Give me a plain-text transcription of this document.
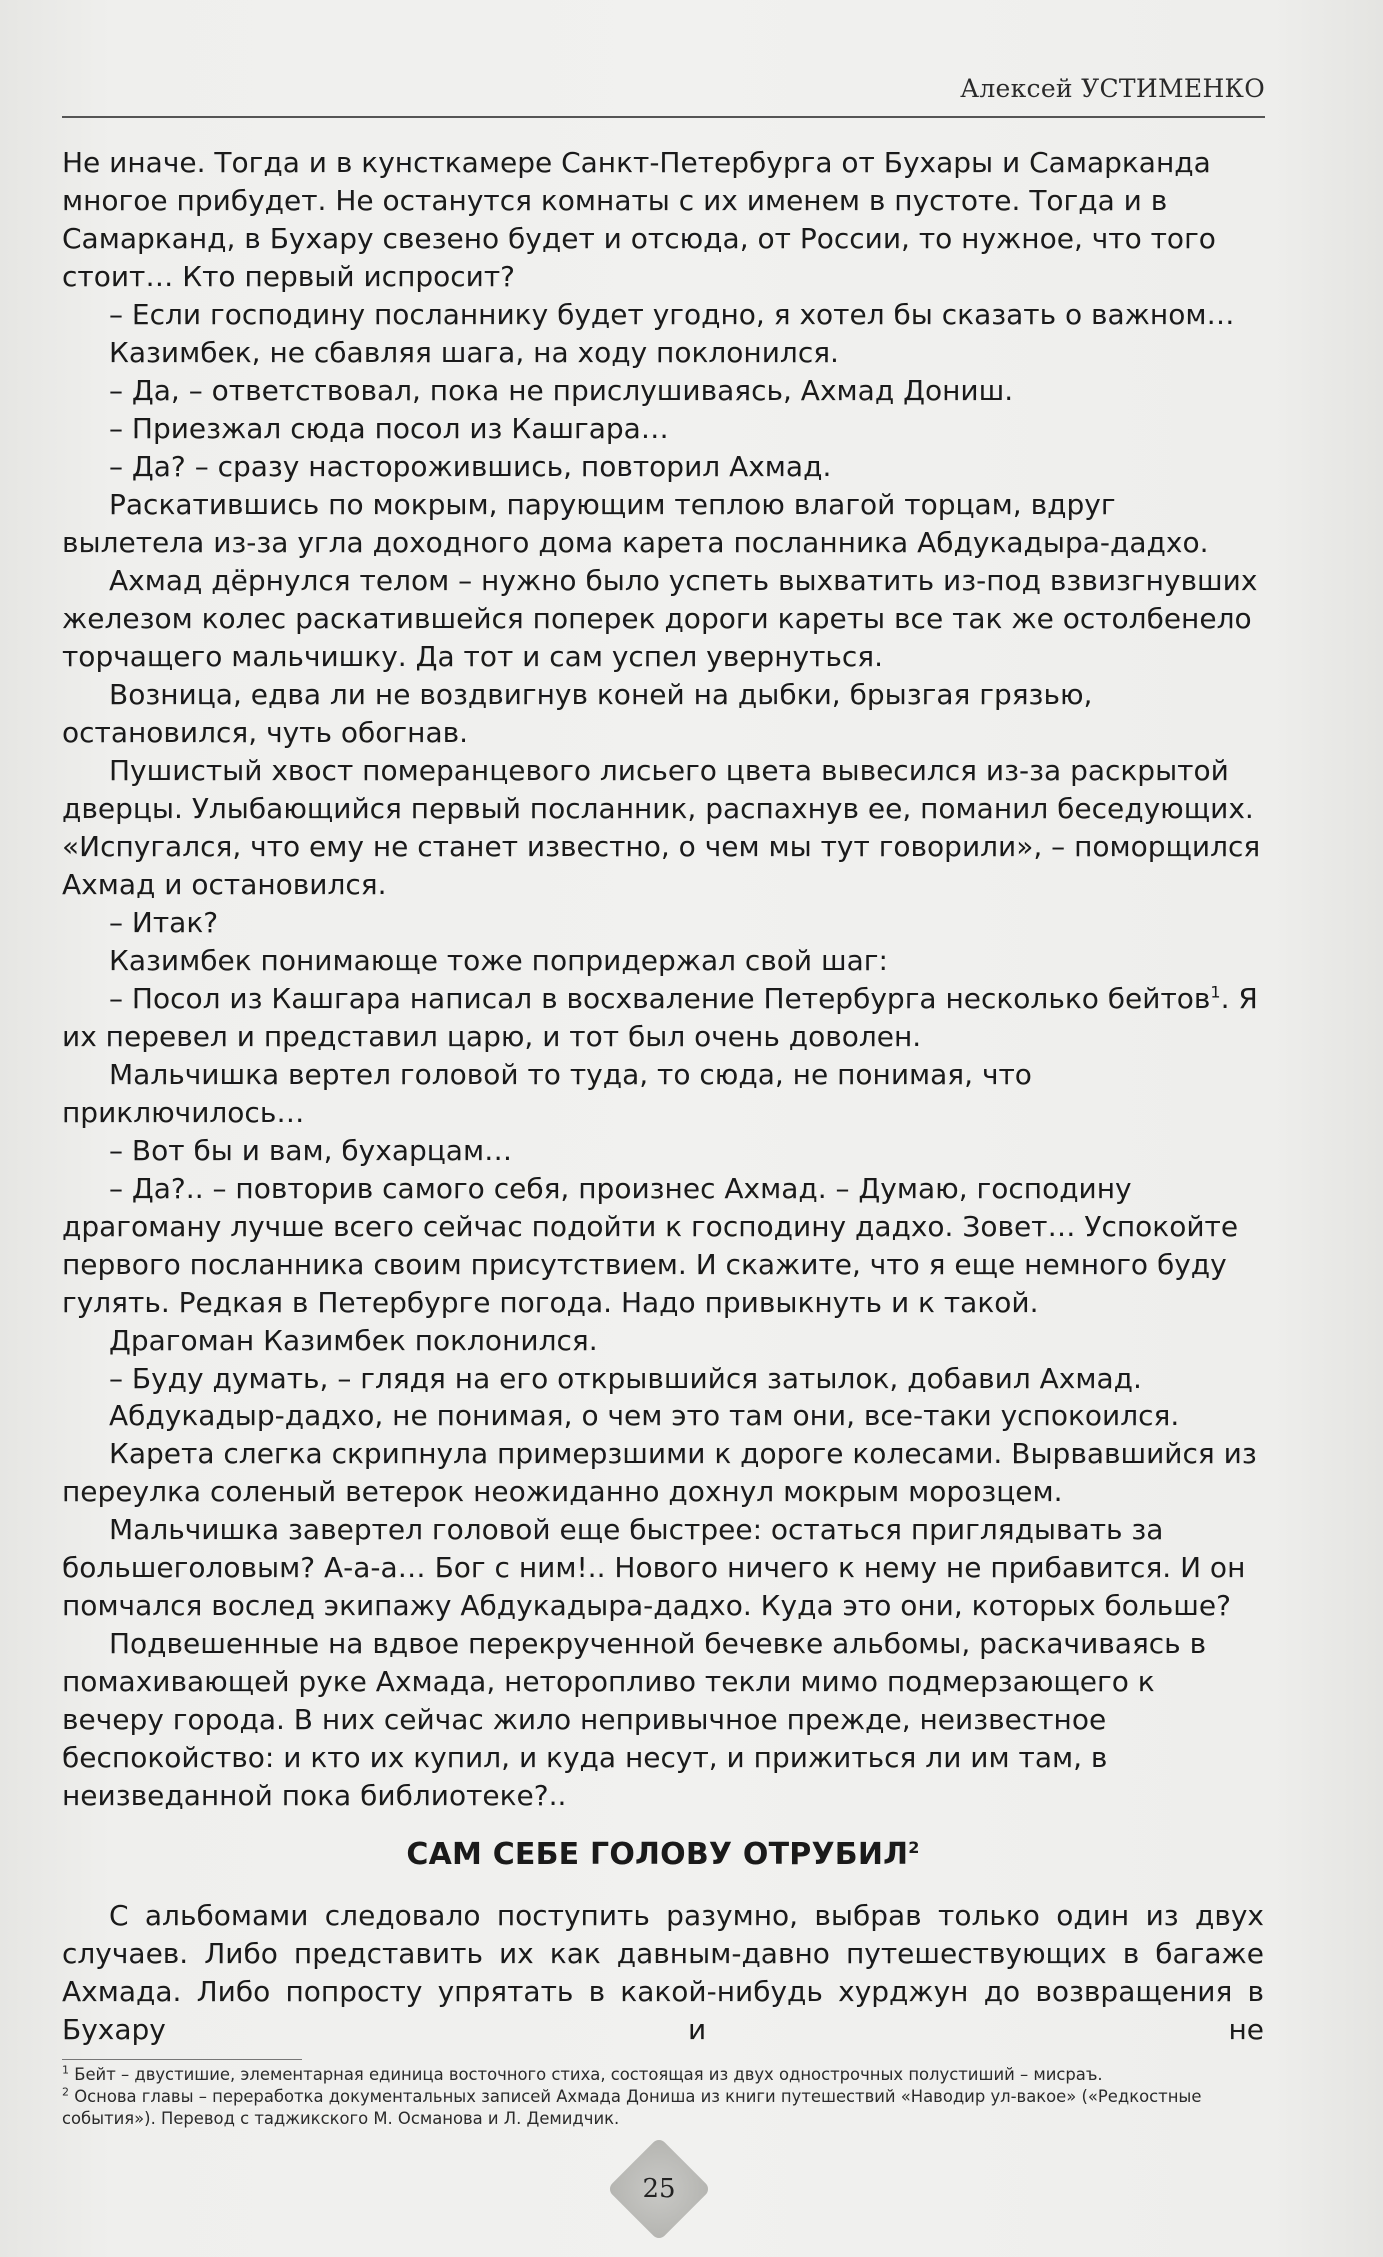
Алексей УСТИМЕНКО

Не иначе. Тогда и в кунсткамере Санкт-Петербурга от Бухары и Самарканда многое прибудет. Не останутся комнаты с их именем в пустоте. Тогда и в Самарканд, в Бухару свезено будет и отсюда, от России, то нужное, что того стоит… Кто первый испросит?

– Если господину посланнику будет угодно, я хотел бы сказать о важном…

Казимбек, не сбавляя шага, на ходу поклонился.

– Да, – ответствовал, пока не прислушиваясь, Ахмад Дониш.

– Приезжал сюда посол из Кашгара…

– Да? – сразу насторожившись, повторил Ахмад.

Раскатившись по мокрым, парующим теплою влагой торцам, вдруг вылетела из-за угла доходного дома карета посланника Абдукадыра-дадхо.

Ахмад дёрнулся телом – нужно было успеть выхватить из-под взвизгнувших железом колес раскатившейся поперек дороги кареты все так же остолбенело торчащего мальчишку. Да тот и сам успел увернуться.

Возница, едва ли не воздвигнув коней на дыбки, брызгая грязью, остановился, чуть обогнав.

Пушистый хвост померанцевого лисьего цвета вывесился из-за раскрытой дверцы. Улыбающийся первый посланник, распахнув ее, поманил беседующих. «Испугался, что ему не станет известно, о чем мы тут говорили», – поморщился Ахмад и остановился.

– Итак?

Казимбек понимающе тоже попридержал свой шаг:

– Посол из Кашгара написал в восхваление Петербурга несколько бейтов$^1$. Я их перевел и представил царю, и тот был очень доволен.

Мальчишка вертел головой то туда, то сюда, не понимая, что приключилось…

– Вот бы и вам, бухарцам…

– Да?.. – повторив самого себя, произнес Ахмад. – Думаю, господину драгоману лучше всего сейчас подойти к господину дадхо. Зовет… Успокойте первого посланника своим присутствием. И скажите, что я еще немного буду гулять. Редкая в Петербурге погода. Надо привыкнуть и к такой.

Драгоман Казимбек поклонился.

– Буду думать, – глядя на его открывшийся затылок, добавил Ахмад.

Абдукадыр-дадхо, не понимая, о чем это там они, все-таки успокоился.

Карета слегка скрипнула примерзшими к дороге колесами. Вырвавшийся из переулка соленый ветерок неожиданно дохнул мокрым морозцем.

Мальчишка завертел головой еще быстрее: остаться приглядывать за большеголовым? А-а-а… Бог с ним!.. Нового ничего к нему не прибавится. И он помчался вослед экипажу Абдукадыра-дадхо. Куда это они, которых больше?

Подвешенные на вдвое перекрученной бечевке альбомы, раскачиваясь в помахивающей руке Ахмада, неторопливо текли мимо подмерзающего к вечеру города. В них сейчас жило непривычное прежде, неизвестное беспокойство: и кто их купил, и куда несут, и прижиться ли им там, в неизведанной пока библиотеке?..

САМ СЕБЕ ГОЛОВУ ОТРУБИЛ$^2$

С альбомами следовало поступить разумно, выбрав только один из двух случаев. Либо представить их как давным-давно путешествующих в багаже Ахмада. Либо попросту упрятать в какой-нибудь хурджун до возвращения в Бухару и не

$^1$ Бейт – двустишие, элементарная единица восточного стиха, состоящая из двух однострочных полустиший – мисраъ.

$^2$ Основа главы – переработка документальных записей Ахмада Дониша из книги путешествий «Наводир ул-вакое» («Редкостные события»). Перевод с таджикского М. Османова и Л. Демидчик.

25
